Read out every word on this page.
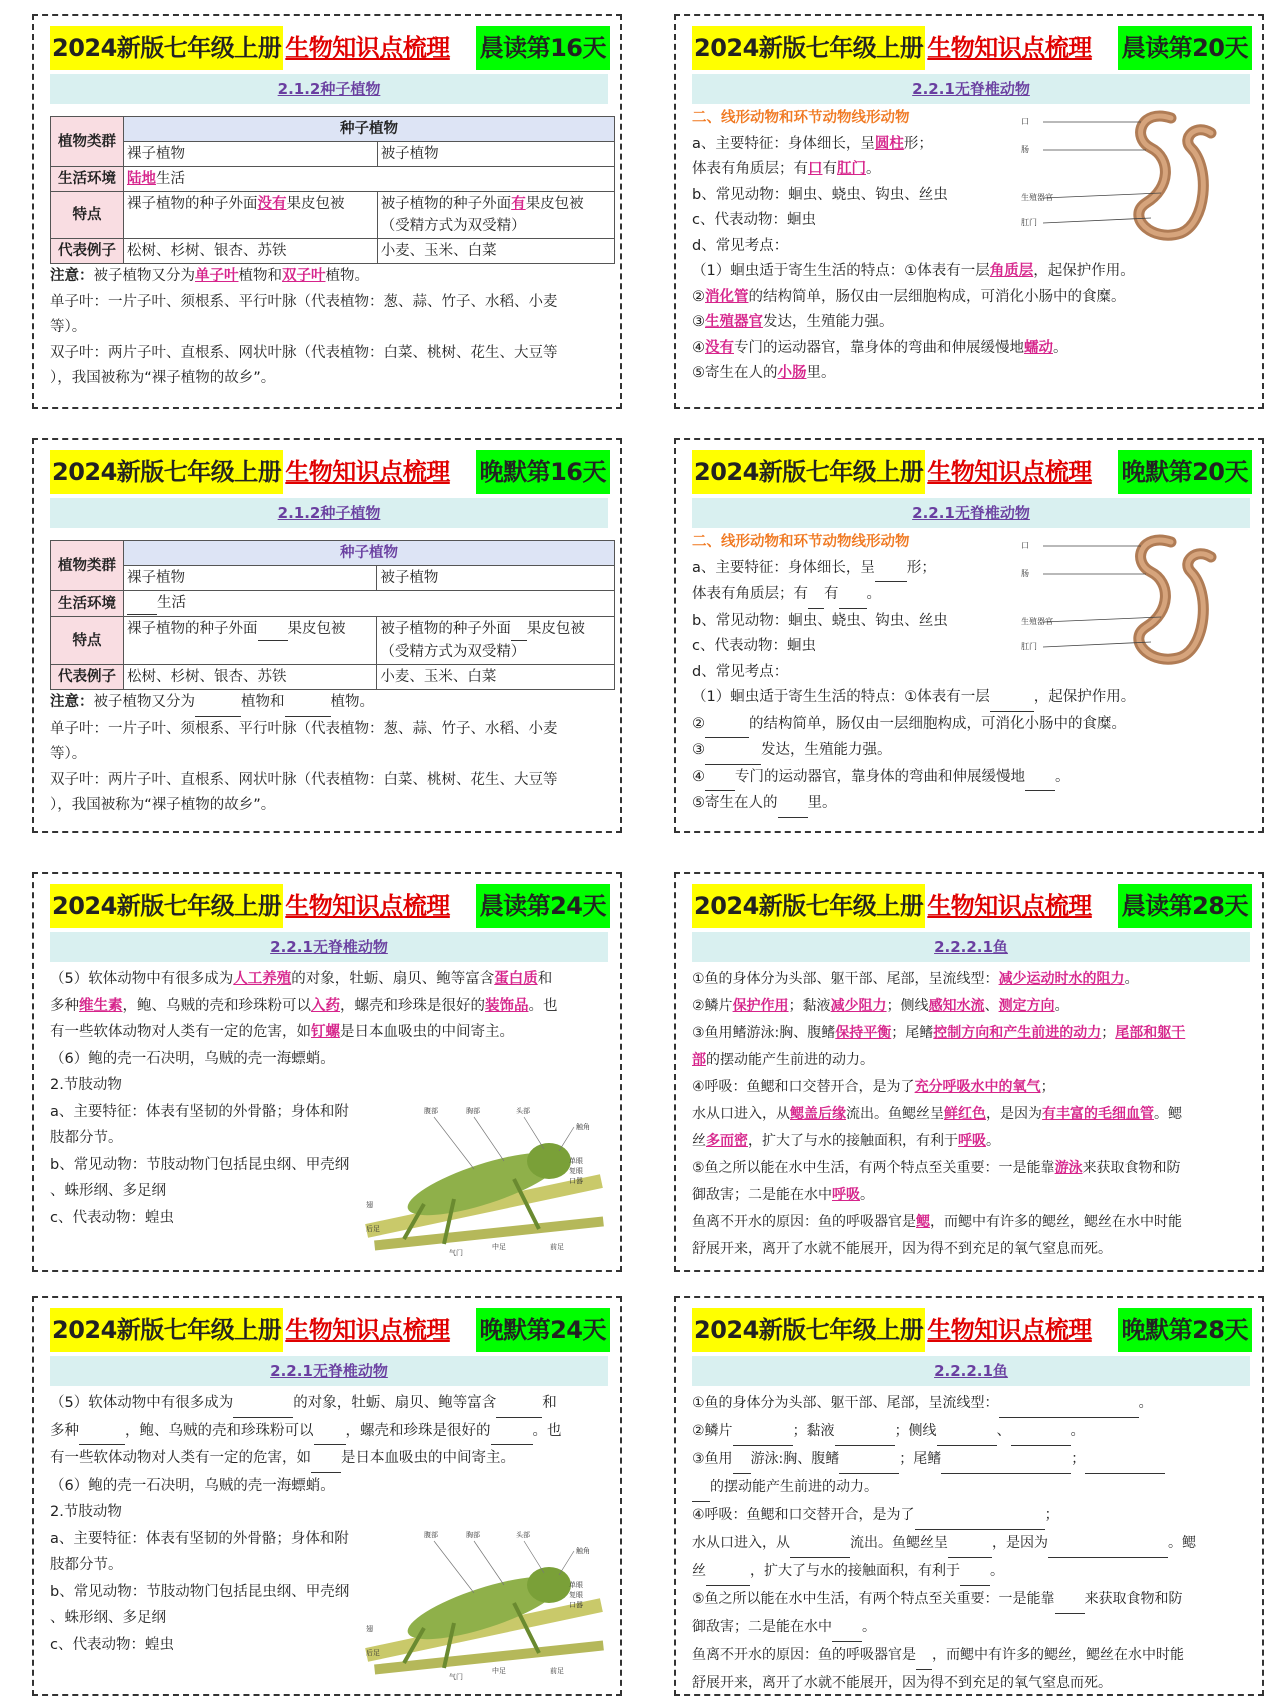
2024新版七年级上册 生物知识点梳理 晨读第16天
2.1.2种子植物
植物类群	种子植物	
	裸子植物	被子植物
生活环境	陆地生活	
特点	裸子植物的种子外面没有果皮包被	被子植物的种子外面有果皮包被
（受精方式为双受精）
代表例子	松树、杉树、银杏、苏铁	小麦、玉米、白菜

注意：被子植物又分为单子叶植物和双子叶植物。

单子叶：一片子叶、须根系、平行叶脉（代表植物：葱、蒜、竹子、水稻、小麦

等）。

双子叶：两片子叶、直根系、网状叶脉（代表植物：白菜、桃树、花生、大豆等

），我国被称为“裸子植物的故乡”。

2024新版七年级上册 生物知识点梳理 晚默第16天
2.1.2种子植物
植物类群	种子植物	
	裸子植物	被子植物
生活环境	生活	
特点	裸子植物的种子外面 果皮包被	被子植物的种子外面 果皮包被
（受精方式为双受精）
代表例子	松树、杉树、银杏、苏铁	小麦、玉米、白菜

注意：被子植物又分为	植物和	植物。

单子叶：一片子叶、须根系、平行叶脉（代表植物：葱、蒜、竹子、水稻、小麦

等）。

双子叶：两片子叶、直根系、网状叶脉（代表植物：白菜、桃树、花生、大豆等

），我国被称为“裸子植物的故乡”。

2024新版七年级上册 生物知识点梳理 晨读第20天
2.2.1无脊椎动物
口
肠
生殖器官
肛门

二、线形动物和环节动物线形动物

a、主要特征：身体细长，呈圆柱形；

体表有角质层；有口有肛门。

b、常见动物：蛔虫、蛲虫、钩虫、丝虫

c、代表动物：蛔虫

d、常见考点：

（1）蛔虫适于寄生生活的特点：①体表有一层角质层，起保护作用。

②消化管的结构简单，肠仅由一层细胞构成，可消化小肠中的食糜。

③生殖器官发达，生殖能力强。

④没有专门的运动器官，靠身体的弯曲和伸展缓慢地蠕动。

⑤寄生在人的小肠里。

2024新版七年级上册 生物知识点梳理 晚默第20天
2.2.1无脊椎动物
口
肠
生殖器官
肛门

二、线形动物和环节动物线形动物

a、主要特征：身体细长，呈 形；

体表有角质层；有 有 。

b、常见动物：蛔虫、蛲虫、钩虫、丝虫

c、代表动物：蛔虫

d、常见考点：

（1）蛔虫适于寄生生活的特点：①体表有一层	，起保护作用。

②	的结构简单，肠仅由一层细胞构成，可消化小肠中的食糜。

③	发达，生殖能力强。

④ 专门的运动器官，靠身体的弯曲和伸展缓慢地 。

⑤寄生在人的 里。

2024新版七年级上册 生物知识点梳理 晨读第24天
2.2.1无脊椎动物
腹部	胸部	头部
触角
单眼
复眼
口器
翅
后足
气门
中足	前足

（5）软体动物中有很多成为人工养殖的对象，牡蛎、扇贝、鲍等富含蛋白质和

多种维生素，鲍、乌贼的壳和珍珠粉可以入药，螺壳和珍珠是很好的装饰品。也

有一些软体动物对人类有一定的危害，如钉螺是日本血吸虫的中间寄主。

（6）鲍的壳一石决明，乌贼的壳一海螵蛸。

2.节肢动物

a、主要特征：体表有坚韧的外骨骼；身体和附

肢都分节。

b、常见动物：节肢动物门包括昆虫纲、甲壳纲

、蛛形纲、多足纲

c、代表动物：蝗虫

2024新版七年级上册 生物知识点梳理 晨读第28天
2.2.2.1鱼

①鱼的身体分为头部、躯干部、尾部，呈流线型：减少运动时水的阻力。

②鳞片保护作用；黏液减少阻力；侧线感知水流、测定方向。

③鱼用鳍游泳:胸、腹鳍保持平衡；尾鳍控制方向和产生前进的动力；尾部和躯干

部的摆动能产生前进的动力。

④呼吸：鱼鳃和口交替开合，是为了充分呼吸水中的氧气；

水从口进入，从鳃盖后缘流出。鱼鳃丝呈鲜红色，是因为有丰富的毛细血管。鳃

丝多而密，扩大了与水的接触面积，有利于呼吸。

⑤鱼之所以能在水中生活，有两个特点至关重要：一是能靠游泳来获取食物和防

御敌害；二是能在水中呼吸。

鱼离不开水的原因：鱼的呼吸器官是鳃，而鳃中有许多的鳃丝，鳃丝在水中时能

舒展开来，离开了水就不能展开，因为得不到充足的氧气窒息而死。

2024新版七年级上册 生物知识点梳理 晚默第24天
2.2.1无脊椎动物
腹部	胸部	头部
触角
单眼
复眼
口器
翅
后足
气门
中足	前足

（5）软体动物中有很多成为	的对象，牡蛎、扇贝、鲍等富含	和

多种	，鲍、乌贼的壳和珍珠粉可以 ，螺壳和珍珠是很好的	。也

有一些软体动物对人类有一定的危害，如 是日本血吸虫的中间寄主。

（6）鲍的壳一石决明，乌贼的壳一海螵蛸。

2.节肢动物

a、主要特征：体表有坚韧的外骨骼；身体和附

肢都分节。

b、常见动物：节肢动物门包括昆虫纲、甲壳纲

、蛛形纲、多足纲

c、代表动物：蝗虫

2024新版七年级上册 生物知识点梳理 晚默第28天
2.2.2.1鱼

①鱼的身体分为头部、躯干部、尾部，呈流线型：	。

②鳞片	；黏液	；侧线	、	。

③鱼用 游泳:胸、腹鳍	；尾鳍	；

的摆动能产生前进的动力。

④呼吸：鱼鳃和口交替开合，是为了	；

水从口进入，从	流出。鱼鳃丝呈	，是因为	。鳃

丝	，扩大了与水的接触面积，有利于 。

⑤鱼之所以能在水中生活，有两个特点至关重要：一是能靠 来获取食物和防

御敌害；二是能在水中 。

鱼离不开水的原因：鱼的呼吸器官是 ，而鳃中有许多的鳃丝，鳃丝在水中时能

舒展开来，离开了水就不能展开，因为得不到充足的氧气窒息而死。
